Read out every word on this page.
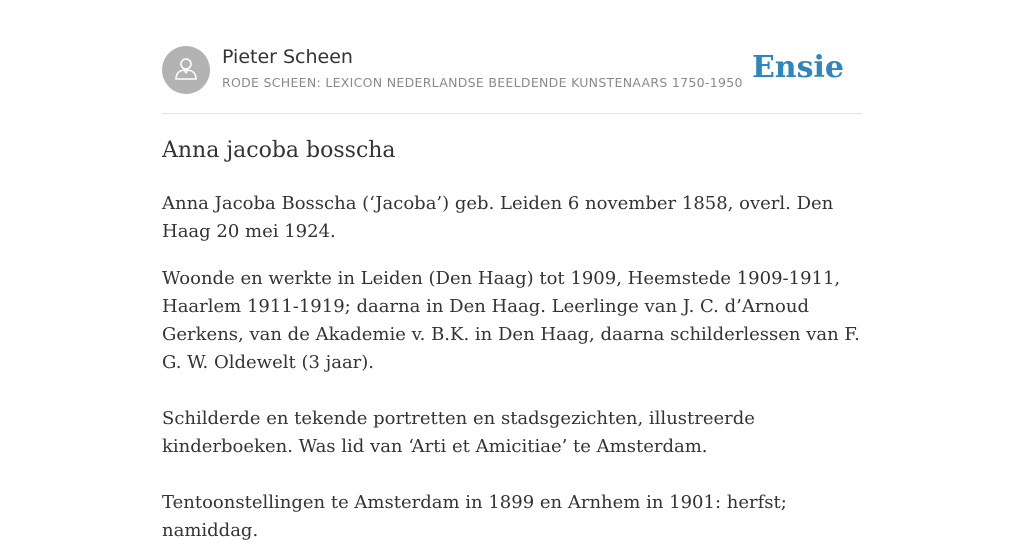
Pieter Scheen
RODE SCHEEN: LEXICON NEDERLANDSE BEELDENDE KUNSTENAARS 1750-1950 Ensie
Anna jacoba bosscha

Anna Jacoba Bosscha (‘Jacoba’) geb. Leiden 6 november 1858, overl. Den Haag 20 mei 1924.

Woonde en werkte in Leiden (Den Haag) tot 1909, Heemstede 1909-1911, Haarlem 1911-1919; daarna in Den Haag. Leerlinge van J. C. d’Arnoud Gerkens, van de Akademie v. B.K. in Den Haag, daarna schilderlessen van F. G. W. Oldewelt (3 jaar).

Schilderde en tekende portretten en stadsgezichten, illustreerde kinderboeken. Was lid van ‘Arti et Amicitiae’ te Amsterdam.

Tentoonstellingen te Amsterdam in 1899 en Arnhem in 1901: herfst; namiddag.
